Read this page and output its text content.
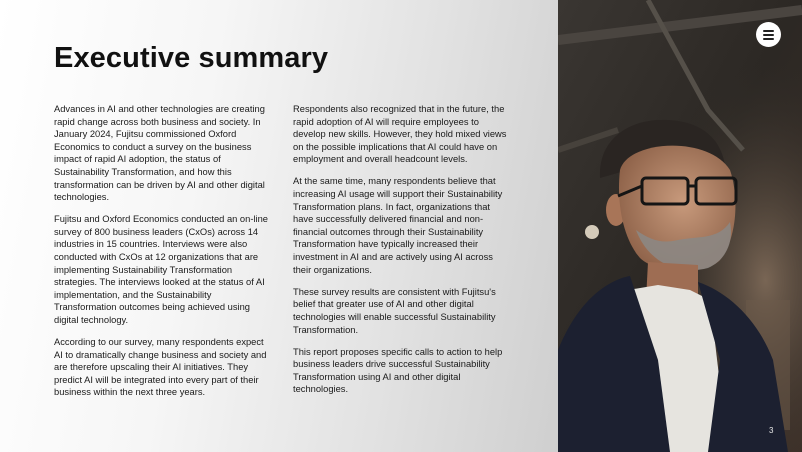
Executive summary

Advances in AI and other technologies are creating rapid change across both business and society. In January 2024, Fujitsu commissioned Oxford Economics to conduct a survey on the business impact of rapid AI adoption, the status of Sustainability Transformation, and how this transformation can be driven by AI and other digital technologies.

Fujitsu and Oxford Economics conducted an on-line survey of 800 business leaders (CxOs) across 14 industries in 15 countries. Interviews were also conducted with CxOs at 12 organizations that are implementing Sustainability Transformation strategies. The interviews looked at the status of AI implementation, and the Sustainability Transformation outcomes being achieved using digital technology.

According to our survey, many respondents expect AI to dramatically change business and society and are therefore upscaling their AI initiatives. They predict AI will be integrated into every part of their business within the next three years.

Respondents also recognized that in the future, the rapid adoption of AI will require employees to develop new skills. However, they hold mixed views on the possible implications that AI could have on employment and overall headcount levels.

At the same time, many respondents believe that increasing AI usage will support their Sustainability Transformation plans. In fact, organizations that have successfully delivered financial and non-financial outcomes through their Sustainability Transformation have typically increased their investment in AI and are actively using AI across their organizations.

These survey results are consistent with Fujitsu's belief that greater use of AI and other digital technologies will enable successful Sustainability Transformation.

This report proposes specific calls to action to help business leaders drive successful Sustainability Transformation using AI and other digital technologies.

3
